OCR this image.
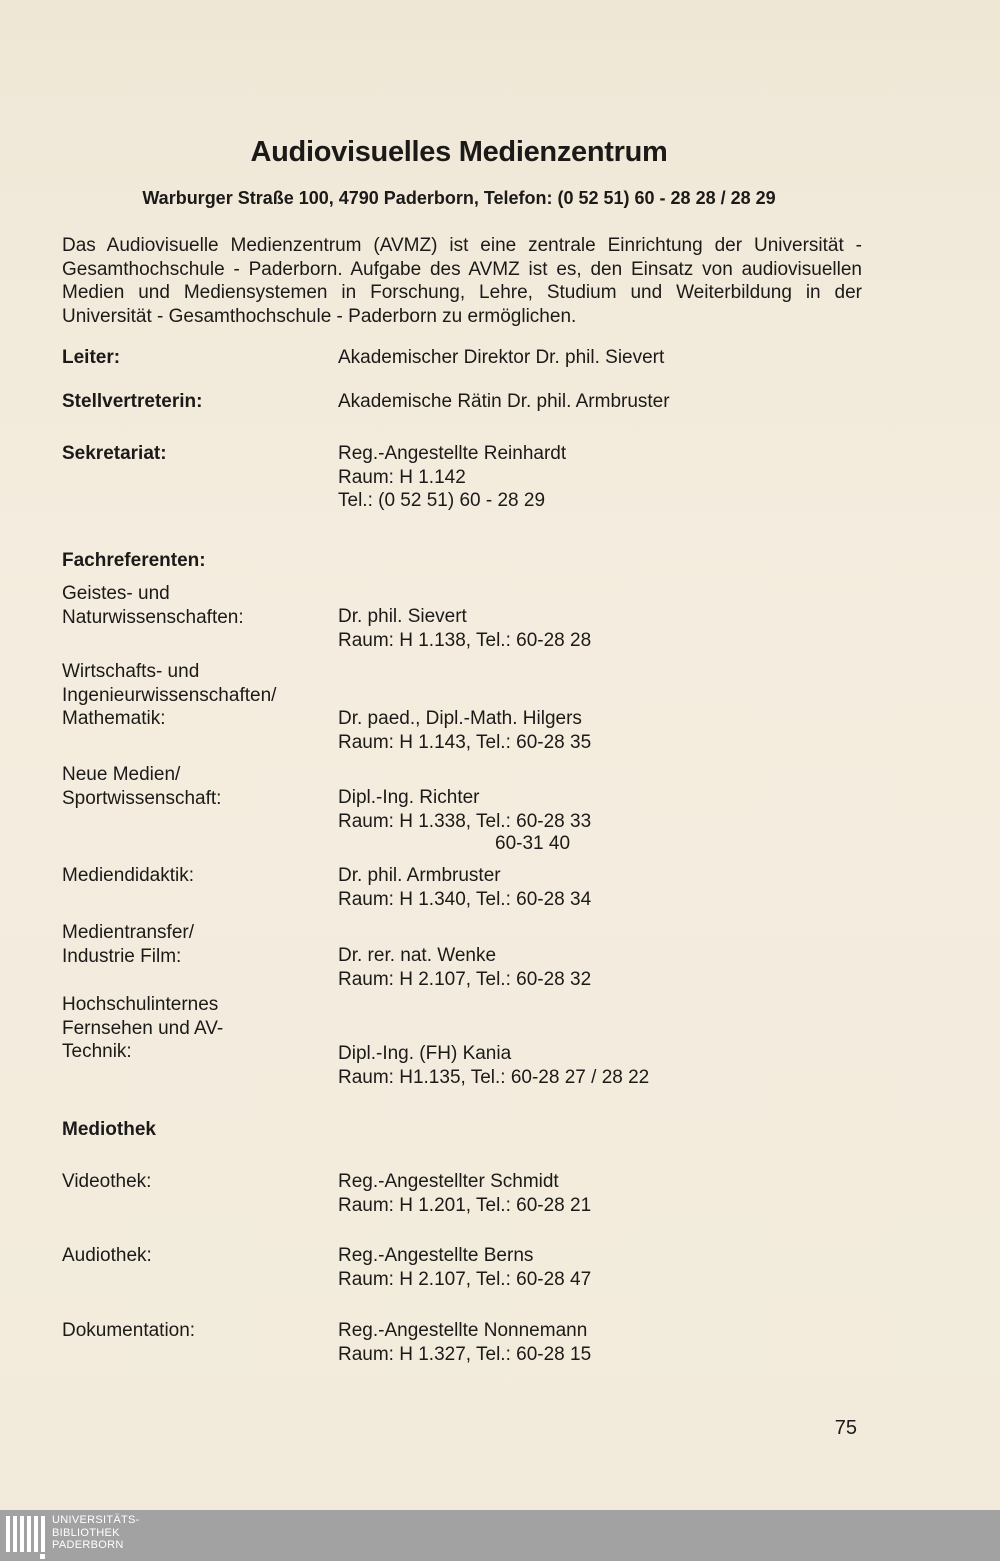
Audiovisuelles Medienzentrum
Warburger Straße 100, 4790 Paderborn, Telefon: (0 52 51) 60 - 28 28 / 28 29
Das Audiovisuelle Medienzentrum (AVMZ) ist eine zentrale Einrichtung der Universität - Gesamthochschule - Paderborn. Aufgabe des AVMZ ist es, den Einsatz von audiovisuellen Medien und Mediensystemen in Forschung, Lehre, Studium und Weiterbildung in der Universität - Gesamthochschule - Paderborn zu ermöglichen.
Leiter:	Akademischer Direktor Dr. phil. Sievert
Stellvertreterin:	Akademische Rätin Dr. phil. Armbruster
Sekretariat:	Reg.-Angestellte Reinhardt
Raum: H 1.142
Tel.: (0 52 51) 60 - 28 29
Fachreferenten:
Geistes- und
Naturwissenschaften:	Dr. phil. Sievert
Raum: H 1.138, Tel.: 60-28 28
Wirtschafts- und
Ingenieurwissenschaften/
Mathematik:	Dr. paed., Dipl.-Math. Hilgers
Raum: H 1.143, Tel.: 60-28 35
Neue Medien/
Sportwissenschaft:	Dipl.-Ing. Richter
Raum: H 1.338, Tel.: 60-28 33
60-31 40
Mediendidaktik:	Dr. phil. Armbruster
Raum: H 1.340, Tel.: 60-28 34
Medientransfer/
Industrie Film:	Dr. rer. nat. Wenke
Raum: H 2.107, Tel.: 60-28 32
Hochschulinternes
Fernsehen und AV-
Technik:	Dipl.-Ing. (FH) Kania
Raum: H1.135, Tel.: 60-28 27 / 28 22
Mediothek
Videothek:	Reg.-Angestellter Schmidt
Raum: H 1.201, Tel.: 60-28 21
Audiothek:	Reg.-Angestellte Berns
Raum: H 2.107, Tel.: 60-28 47
Dokumentation:	Reg.-Angestellte Nonnemann
Raum: H 1.327, Tel.: 60-28 15
75
UNIVERSITÄTS-
BIBLIOTHEK
PADERBORN
